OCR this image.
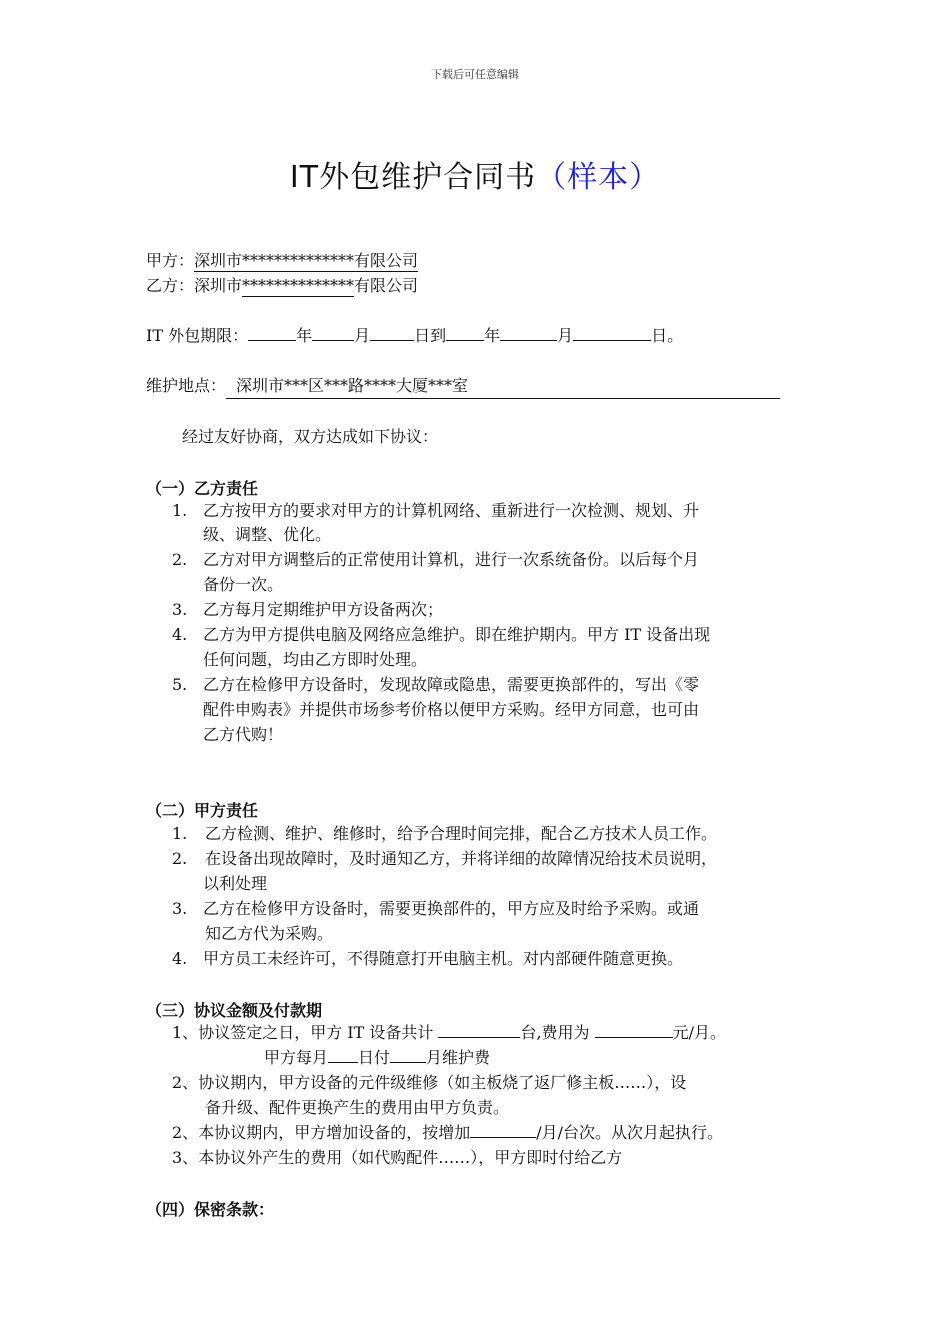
下载后可任意编辑
IT外包维护合同书（样本）
甲方：深圳市**************有限公司
乙方：深圳市**************有限公司
IT 外包期限：	年	月	日到 年	月	日。
维护地点： 深圳市***区***路****大厦***室
经过友好协商，双方达成如下协议：
（一）乙方责任
1. 乙方按甲方的要求对甲方的计算机网络、重新进行一次检测、规划、升
级、调整、优化。
2. 乙方对甲方调整后的正常使用计算机，进行一次系统备份。以后每个月
备份一次。
3. 乙方每月定期维护甲方设备两次；
4. 乙方为甲方提供电脑及网络应急维护。即在维护期内。甲方 IT 设备出现
任何问题，均由乙方即时处理。
5. 乙方在检修甲方设备时，发现故障或隐患，需要更换部件的，写出《零
配件申购表》并提供市场参考价格以便甲方采购。经甲方同意，也可由
乙方代购！
（二）甲方责任
1. 乙方检测、维护、维修时，给予合理时间完排，配合乙方技术人员工作。
2. 在设备出现故障时，及时通知乙方，并将详细的故障情况给技术员说明，
以利处理
3. 乙方在检修甲方设备时，需要更换部件的，甲方应及时给予采购。或通
知乙方代为采购。
4. 甲方员工未经许可，不得随意打开电脑主机。对内部硬件随意更换。
（三）协议金额及付款期
1、协议签定之日，甲方 IT 设备共计	台,费用为	元/月。
甲方每月 日付 月维护费
2、协议期内，甲方设备的元件级维修（如主板烧了返厂修主板……），设
备升级、配件更换产生的费用由甲方负责。
2、本协议期内，甲方增加设备的，按增加	/月/台次。从次月起执行。
3、本协议外产生的费用（如代购配件……），甲方即时付给乙方
（四）保密条款：
